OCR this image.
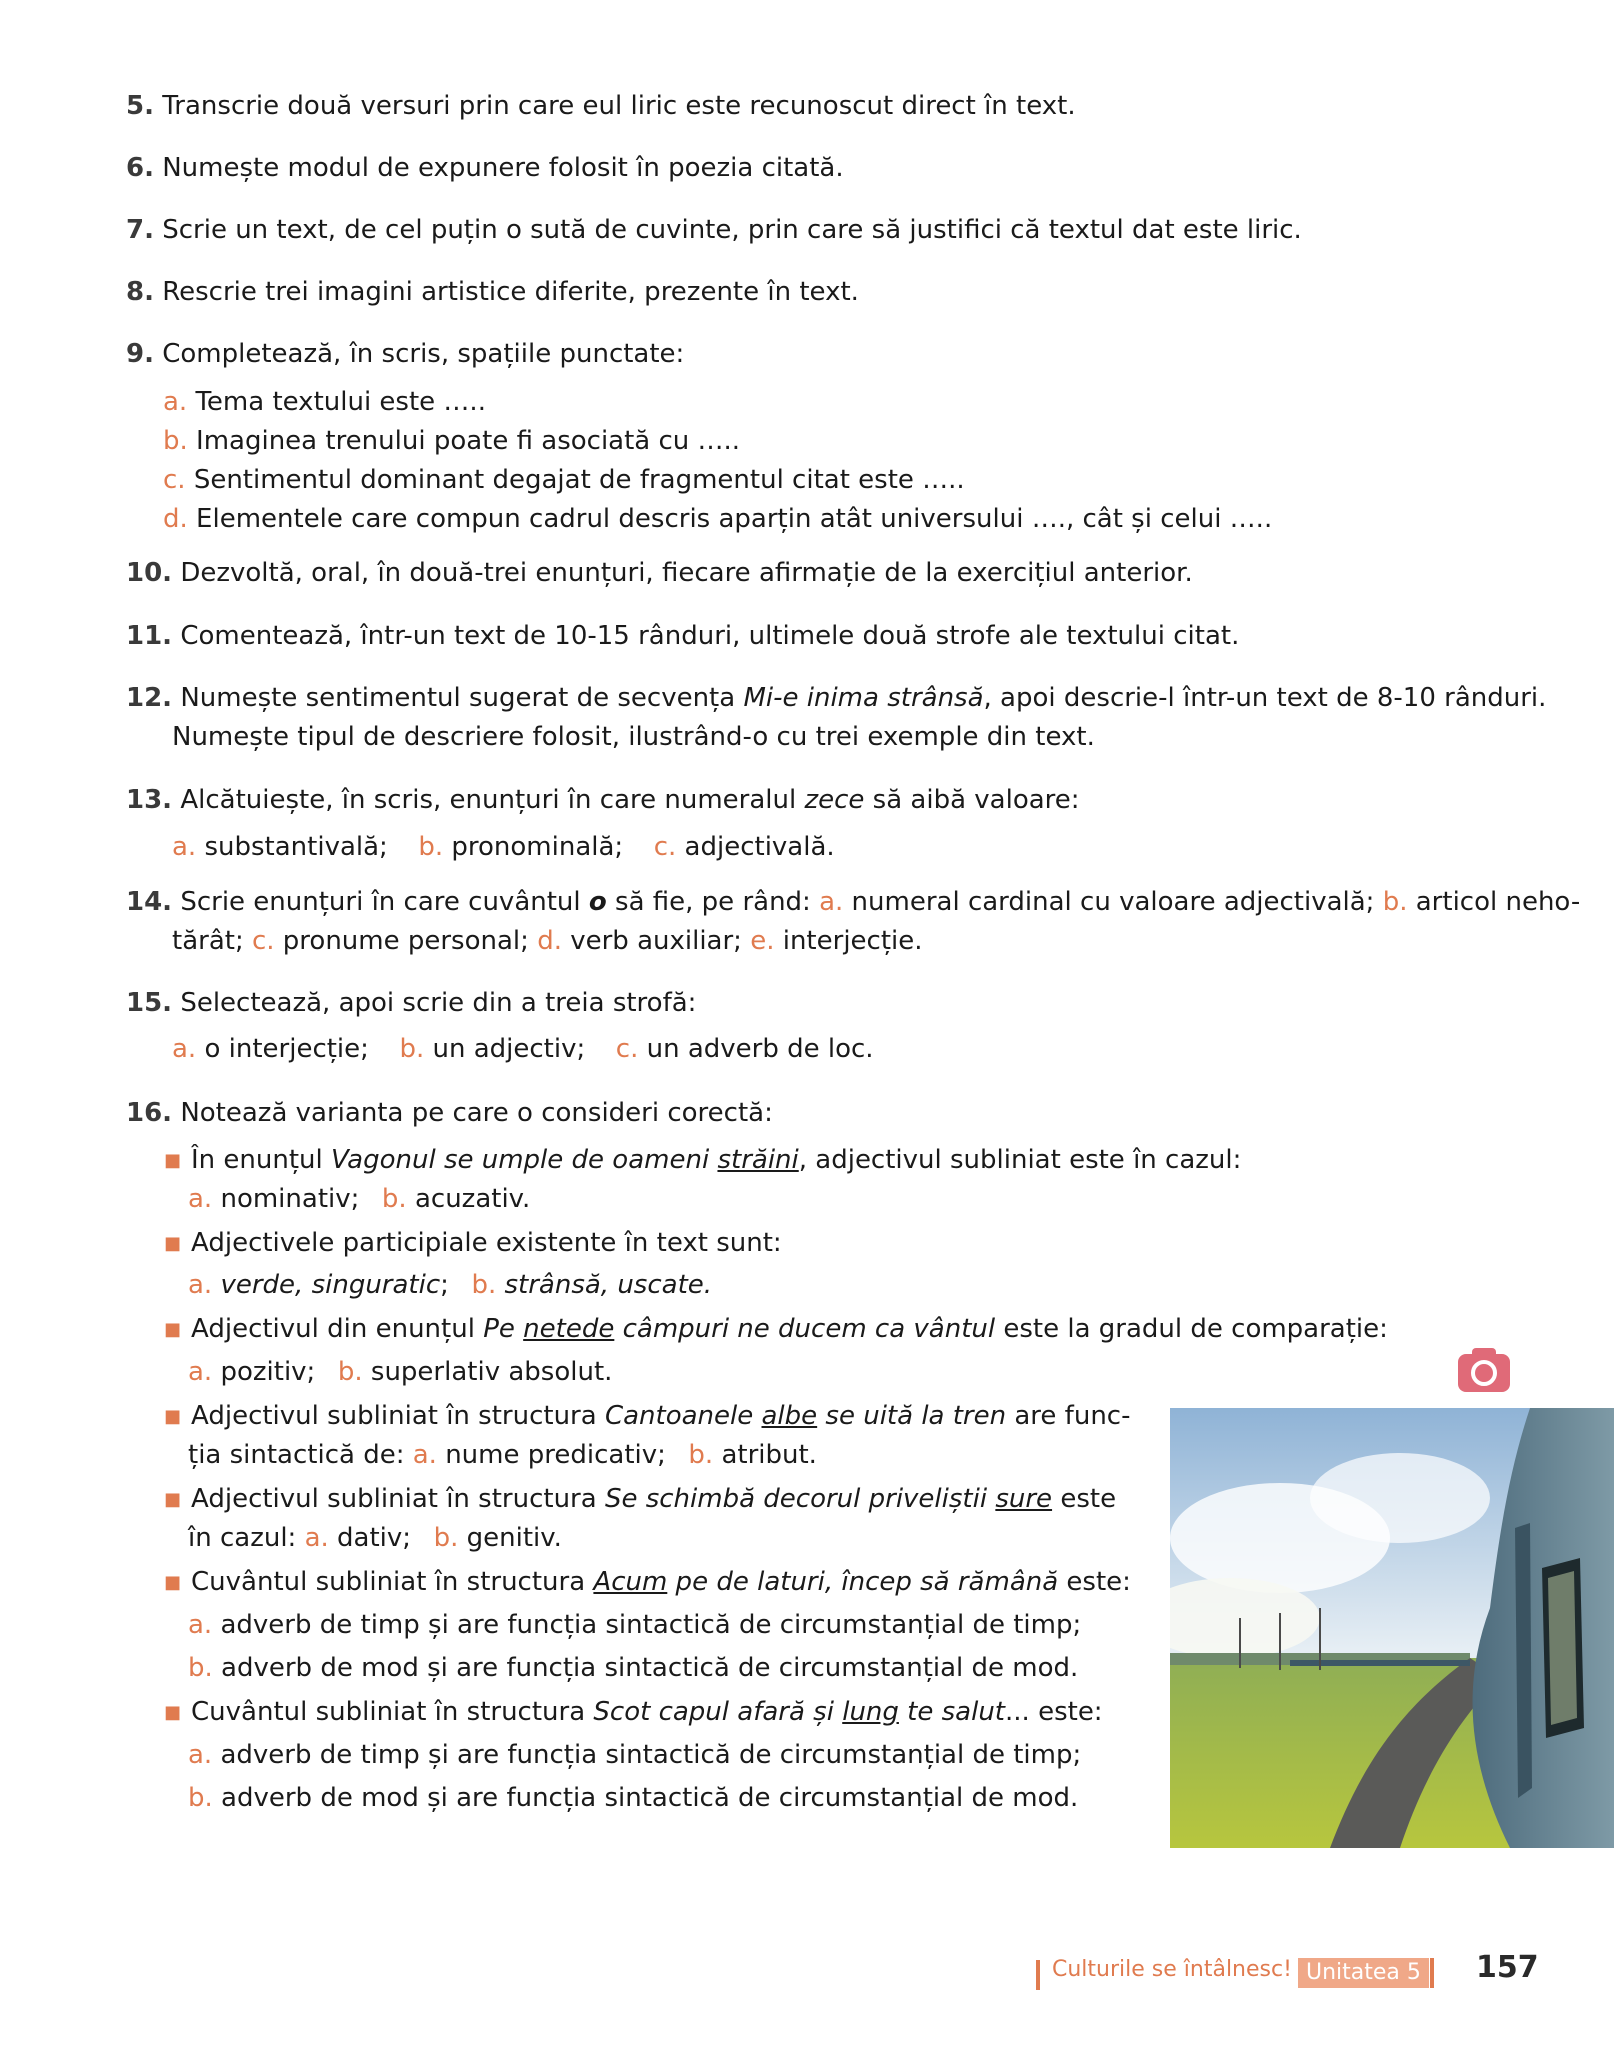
5. Transcrie două versuri prin care eul liric este recunoscut direct în text.
6. Numește modul de expunere folosit în poezia citată.
7. Scrie un text, de cel puțin o sută de cuvinte, prin care să justifici că textul dat este liric.
8. Rescrie trei imagini artistice diferite, prezente în text.
9. Completează, în scris, spațiile punctate:
a. Tema textului este …..
b. Imaginea trenului poate fi asociată cu …..
c. Sentimentul dominant degajat de fragmentul citat este …..
d. Elementele care compun cadrul descris aparțin atât universului …., cât și celui …..
10. Dezvoltă, oral, în două-trei enunțuri, fiecare afirmație de la exercițiul anterior.
11. Comentează, într-un text de 10-15 rânduri, ultimele două strofe ale textului citat.
12. Numește sentimentul sugerat de secvența Mi-e inima strânsă, apoi descrie-l într-un text de 8-10 rânduri.
Numește tipul de descriere folosit, ilustrând-o cu trei exemple din text.
13. Alcătuiește, în scris, enunțuri în care numeralul zece să aibă valoare:
a. substantivală; b. pronominală; c. adjectivală.
14. Scrie enunțuri în care cuvântul o să fie, pe rând: a. numeral cardinal cu valoare adjectivală; b. articol neho-
tărât; c. pronume personal; d. verb auxiliar; e. interjecție.
15. Selectează, apoi scrie din a treia strofă:
a. o interjecție; b. un adjectiv; c. un adverb de loc.
16. Notează varianta pe care o consideri corectă:
■ În enunțul Vagonul se umple de oameni străini, adjectivul subliniat este în cazul:
a. nominativ; b. acuzativ.
■ Adjectivele participiale existente în text sunt:
a. verde, singuratic; b. strânsă, uscate.
■ Adjectivul din enunțul Pe netede câmpuri ne ducem ca vântul este la gradul de comparație:
a. pozitiv; b. superlativ absolut.
■ Adjectivul subliniat în structura Cantoanele albe se uită la tren are func-
ția sintactică de: a. nume predicativ; b. atribut.
■ Adjectivul subliniat în structura Se schimbă decorul priveliștii sure este
în cazul: a. dativ; b. genitiv.
■ Cuvântul subliniat în structura Acum pe de laturi, încep să rămână este:
a. adverb de timp și are funcția sintactică de circumstanțial de timp;
b. adverb de mod și are funcția sintactică de circumstanțial de mod.
■ Cuvântul subliniat în structura Scot capul afară și lung te salut... este:
a. adverb de timp și are funcția sintactică de circumstanțial de timp;
b. adverb de mod și are funcția sintactică de circumstanțial de mod.
Culturile se întâlnesc! Unitatea 5 157
